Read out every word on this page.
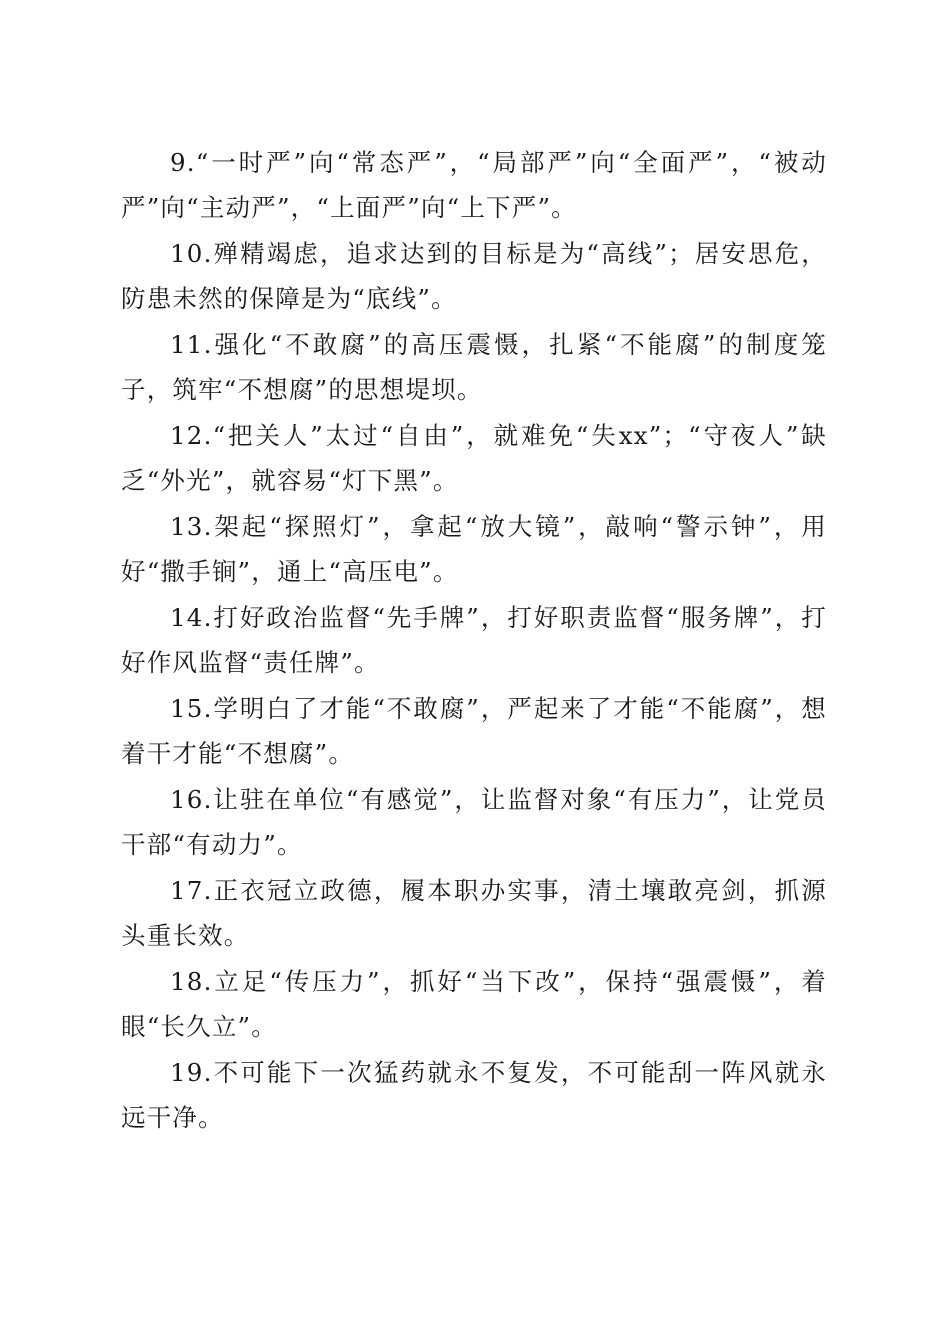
9.“一时严”向“常态严”，“局部严”向“全面严”，“被动严”向“主动严”，“上面严”向“上下严”。

10.殚精竭虑，追求达到的目标是为“高线”；居安思危，防患未然的保障是为“底线”。

11.强化“不敢腐”的高压震慑，扎紧“不能腐”的制度笼子，筑牢“不想腐”的思想堤坝。

12.“把关人”太过“自由”，就难免“失xx”；“守夜人”缺乏“外光”，就容易“灯下黑”。

13.架起“探照灯”，拿起“放大镜”，敲响“警示钟”，用好“撒手锏”，通上“高压电”。

14.打好政治监督“先手牌”，打好职责监督“服务牌”，打好作风监督“责任牌”。

15.学明白了才能“不敢腐”，严起来了才能“不能腐”，想着干才能“不想腐”。

16.让驻在单位“有感觉”，让监督对象“有压力”，让党员干部“有动力”。

17.正衣冠立政德，履本职办实事，清土壤敢亮剑，抓源头重长效。

18.立足“传压力”，抓好“当下改”，保持“强震慑”，着眼“长久立”。

19.不可能下一次猛药就永不复发，不可能刮一阵风就永远干净。
